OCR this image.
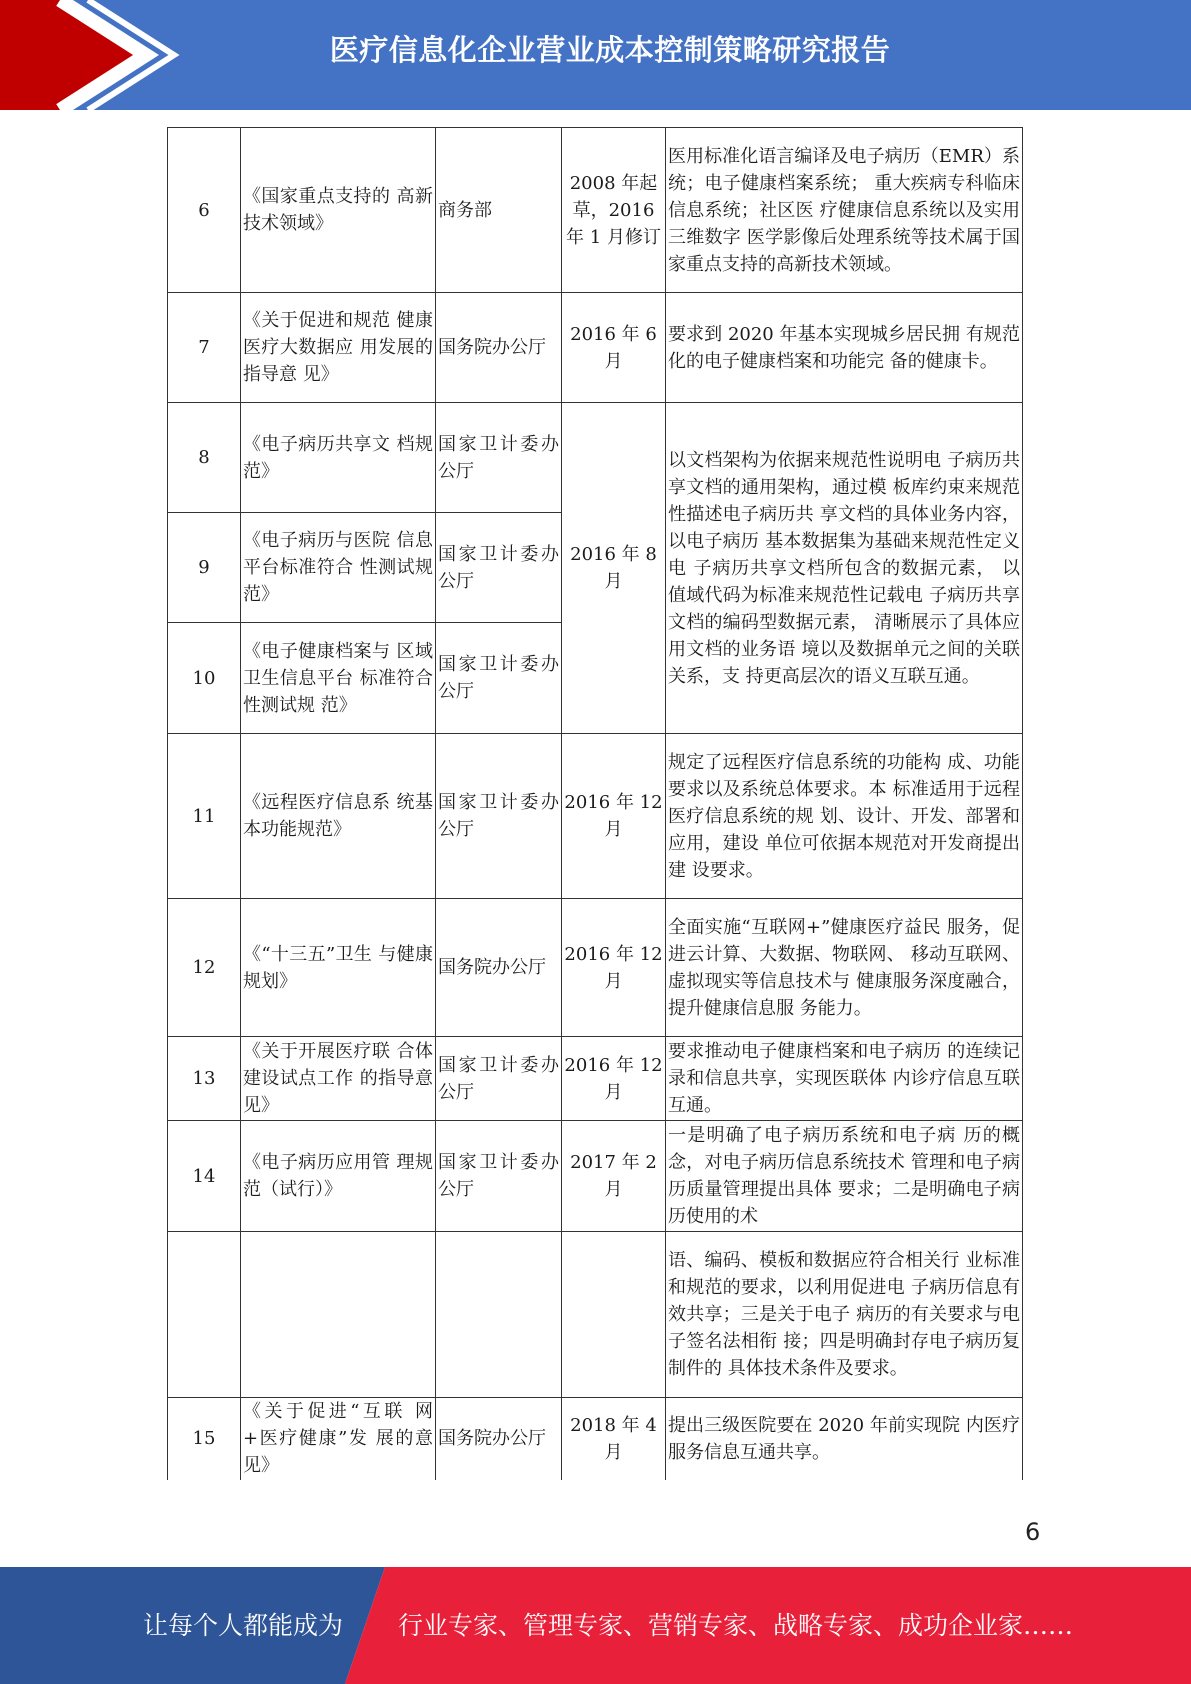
医疗信息化企业营业成本控制策略研究报告
6	《国家重点支持的 高新技术领域》	商务部	2008 年起草，2016 年 1 月修订	医用标准化语言编译及电子病历（EMR）系统；电子健康档案系统； 重大疾病专科临床信息系统；社区医 疗健康信息系统以及实用三维数字 医学影像后处理系统等技术属于国 家重点支持的高新技术领域。
7	《关于促进和规范 健康医疗大数据应 用发展的指导意 见》	国务院办公厅	2016 年 6 月	要求到 2020 年基本实现城乡居民拥 有规范化的电子健康档案和功能完 备的健康卡。
8	《电子病历共享文 档规范》	国家卫计委办公厅	2016 年 8 月	以文档架构为依据来规范性说明电 子病历共享文档的通用架构，通过模 板库约束来规范性描述电子病历共 享文档的具体业务内容，以电子病历 基本数据集为基础来规范性定义电 子病历共享文档所包含的数据元素， 以值域代码为标准来规范性记载电 子病历共享文档的编码型数据元素， 清晰展示了具体应用文档的业务语 境以及数据单元之间的关联关系，支 持更高层次的语义互联互通。
9	《电子病历与医院 信息平台标准符合 性测试规范》	国家卫计委办公厅		
10	《电子健康档案与 区域卫生信息平台 标准符合性测试规 范》	国家卫计委办公厅		
11	《远程医疗信息系 统基本功能规范》	国家卫计委办公厅	2016 年 12 月	规定了远程医疗信息系统的功能构 成、功能要求以及系统总体要求。本 标准适用于远程医疗信息系统的规 划、设计、开发、部署和应用，建设 单位可依据本规范对开发商提出建 设要求。
12	《“十三五”卫生 与健康规划》	国务院办公厅	2016 年 12 月	全面实施“互联网+”健康医疗益民 服务，促进云计算、大数据、物联网、 移动互联网、虚拟现实等信息技术与 健康服务深度融合，提升健康信息服 务能力。
13	《关于开展医疗联 合体建设试点工作 的指导意见》	国家卫计委办公厅	2016 年 12 月	要求推动电子健康档案和电子病历 的连续记录和信息共享，实现医联体 内诊疗信息互联互通。
14	《电子病历应用管 理规范（试行）》	国家卫计委办公厅	2017 年 2 月	一是明确了电子病历系统和电子病 历的概念，对电子病历信息系统技术 管理和电子病历质量管理提出具体 要求；二是明确电子病历使用的术
				语、编码、模板和数据应符合相关行 业标准和规范的要求，以利用促进电 子病历信息有效共享；三是关于电子 病历的有关要求与电子签名法相衔 接；四是明确封存电子病历复制件的 具体技术条件及要求。
15	《关于促进“互联 网+医疗健康”发 展的意见》	国务院办公厅	2018 年 4 月	提出三级医院要在 2020 年前实现院 内医疗服务信息互通共享。
6
让每个人都能成为 行业专家、管理专家、营销专家、战略专家、成功企业家……
